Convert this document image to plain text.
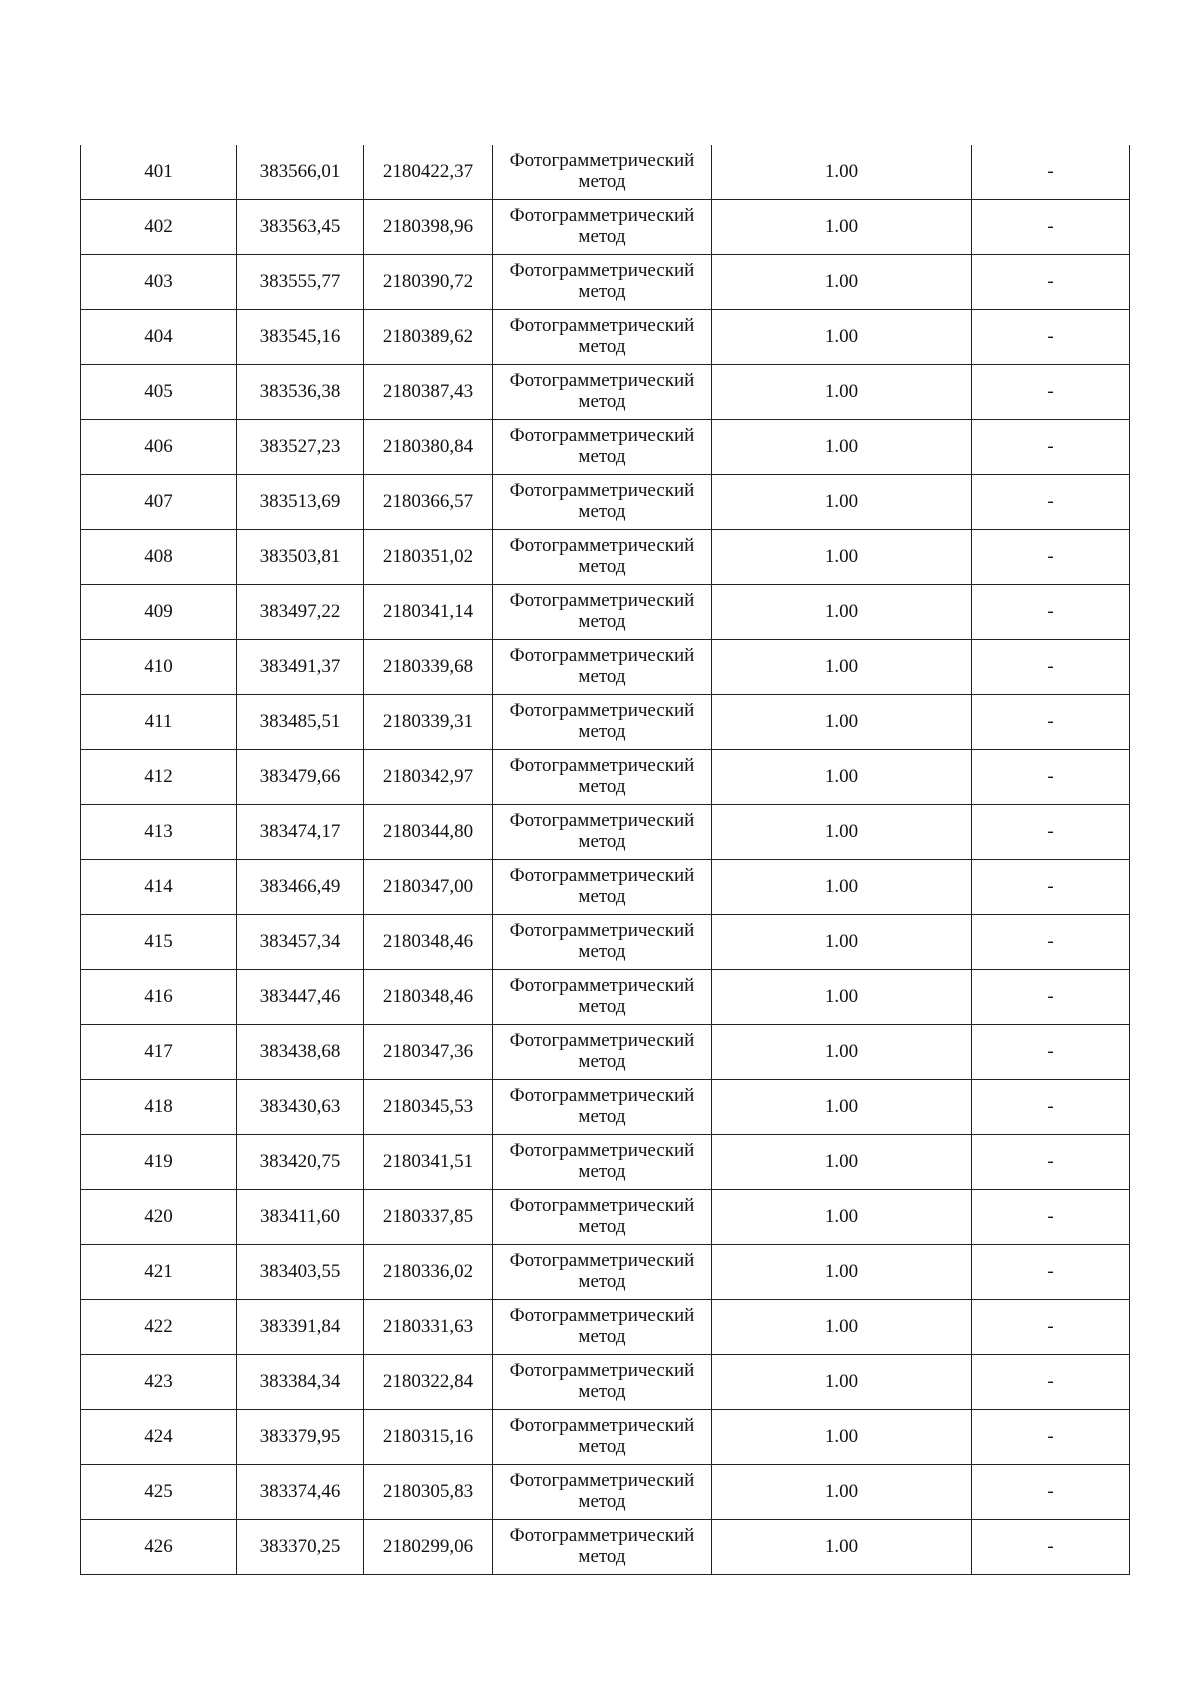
401	383566,01	2180422,37	Фотограмметрический метод	1.00	-
402	383563,45	2180398,96	Фотограмметрический метод	1.00	-
403	383555,77	2180390,72	Фотограмметрический метод	1.00	-
404	383545,16	2180389,62	Фотограмметрический метод	1.00	-
405	383536,38	2180387,43	Фотограмметрический метод	1.00	-
406	383527,23	2180380,84	Фотограмметрический метод	1.00	-
407	383513,69	2180366,57	Фотограмметрический метод	1.00	-
408	383503,81	2180351,02	Фотограмметрический метод	1.00	-
409	383497,22	2180341,14	Фотограмметрический метод	1.00	-
410	383491,37	2180339,68	Фотограмметрический метод	1.00	-
411	383485,51	2180339,31	Фотограмметрический метод	1.00	-
412	383479,66	2180342,97	Фотограмметрический метод	1.00	-
413	383474,17	2180344,80	Фотограмметрический метод	1.00	-
414	383466,49	2180347,00	Фотограмметрический метод	1.00	-
415	383457,34	2180348,46	Фотограмметрический метод	1.00	-
416	383447,46	2180348,46	Фотограмметрический метод	1.00	-
417	383438,68	2180347,36	Фотограмметрический метод	1.00	-
418	383430,63	2180345,53	Фотограмметрический метод	1.00	-
419	383420,75	2180341,51	Фотограмметрический метод	1.00	-
420	383411,60	2180337,85	Фотограмметрический метод	1.00	-
421	383403,55	2180336,02	Фотограмметрический метод	1.00	-
422	383391,84	2180331,63	Фотограмметрический метод	1.00	-
423	383384,34	2180322,84	Фотограмметрический метод	1.00	-
424	383379,95	2180315,16	Фотограмметрический метод	1.00	-
425	383374,46	2180305,83	Фотограмметрический метод	1.00	-
426	383370,25	2180299,06	Фотограмметрический метод	1.00	-
